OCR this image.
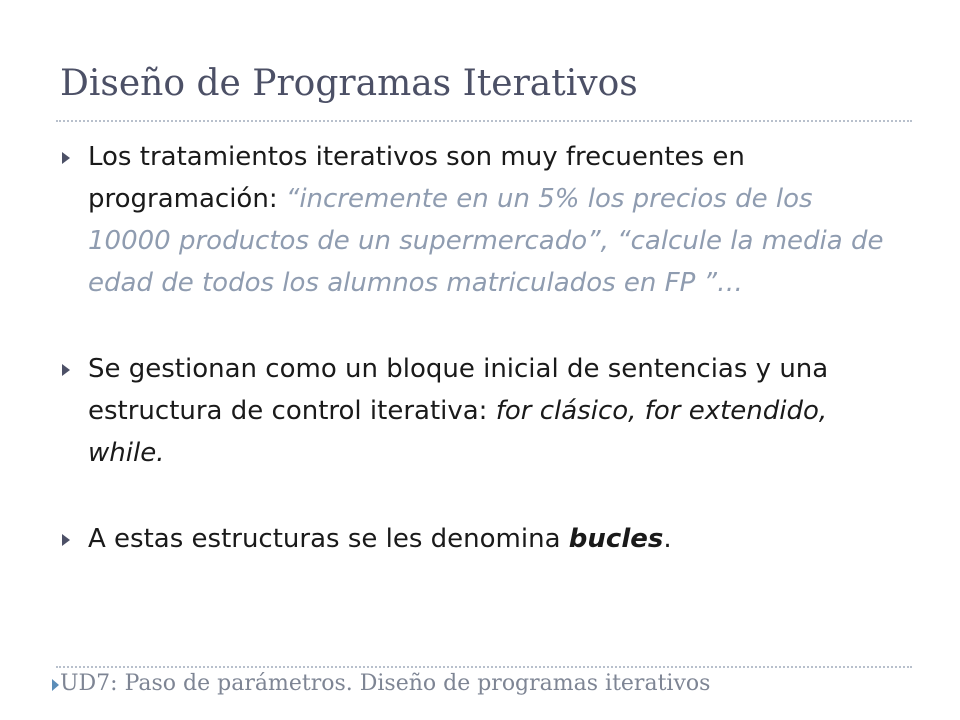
Diseño de Programas Iterativos
Los tratamientos iterativos son muy frecuentes en programación: “incremente en un 5% los precios de los 10000 productos de un supermercado”, “calcule la media de edad de todos los alumnos matriculados en FP ”…
Se gestionan como un bloque inicial de sentencias y una estructura de control iterativa: for clásico, for extendido, while.
A estas estructuras se les denomina bucles.
UD7: Paso de parámetros. Diseño de programas iterativos
